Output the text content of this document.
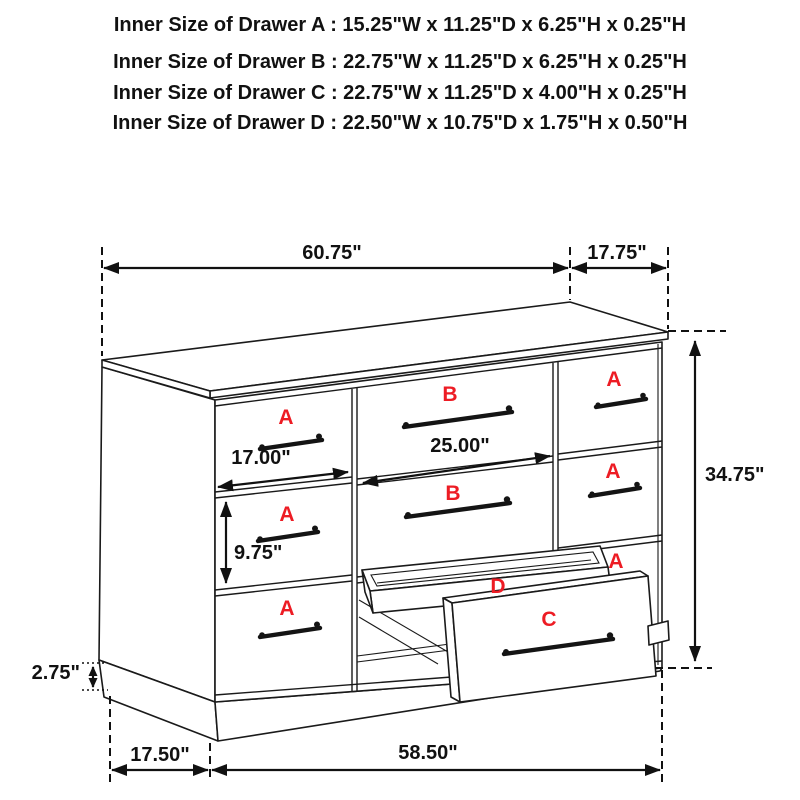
Inner Size of Drawer A : 15.25"W x 11.25"D x 6.25"H x 0.25"H
Inner Size of Drawer B : 22.75"W x 11.25"D x 6.25"H x 0.25"H
Inner Size of Drawer C : 22.75"W x 11.25"D x 4.00"H x 0.25"H
Inner Size of Drawer D : 22.50"W x 10.75"D x 1.75"H x 0.50"H
A
A
A
B
B
A
A
A
D
C
60.75"	17.75"
34.75"
25.00"
17.00"
9.75"
2.75"
17.50"	58.50"
